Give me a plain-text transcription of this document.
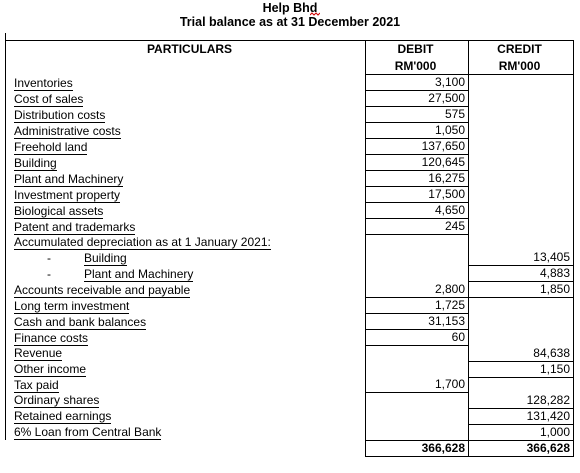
Help Bhd
Trial balance as at 31 December 2021
PARTICULARS	DEBIT	CREDIT
	RM'000	RM'000
Inventories	3,100	
Cost of sales	27,500	
Distribution costs	575	
Administrative costs	1,050	
Freehold land	137,650	
Building	120,645	
Plant and Machinery	16,275	
Investment property	17,500	
Biological assets	4,650	
Patent and trademarks	245	
Accumulated depreciation as at 1 January 2021:		
- Building		13,405
- Plant and Machinery		4,883
Accounts receivable and payable	2,800	1,850
Long term investment	1,725	
Cash and bank balances	31,153	
Finance costs	60	
Revenue		84,638
Other income		1,150
Tax paid	1,700	
Ordinary shares		128,282
Retained earnings		131,420
6% Loan from Central Bank		1,000
	366,628	366,628
